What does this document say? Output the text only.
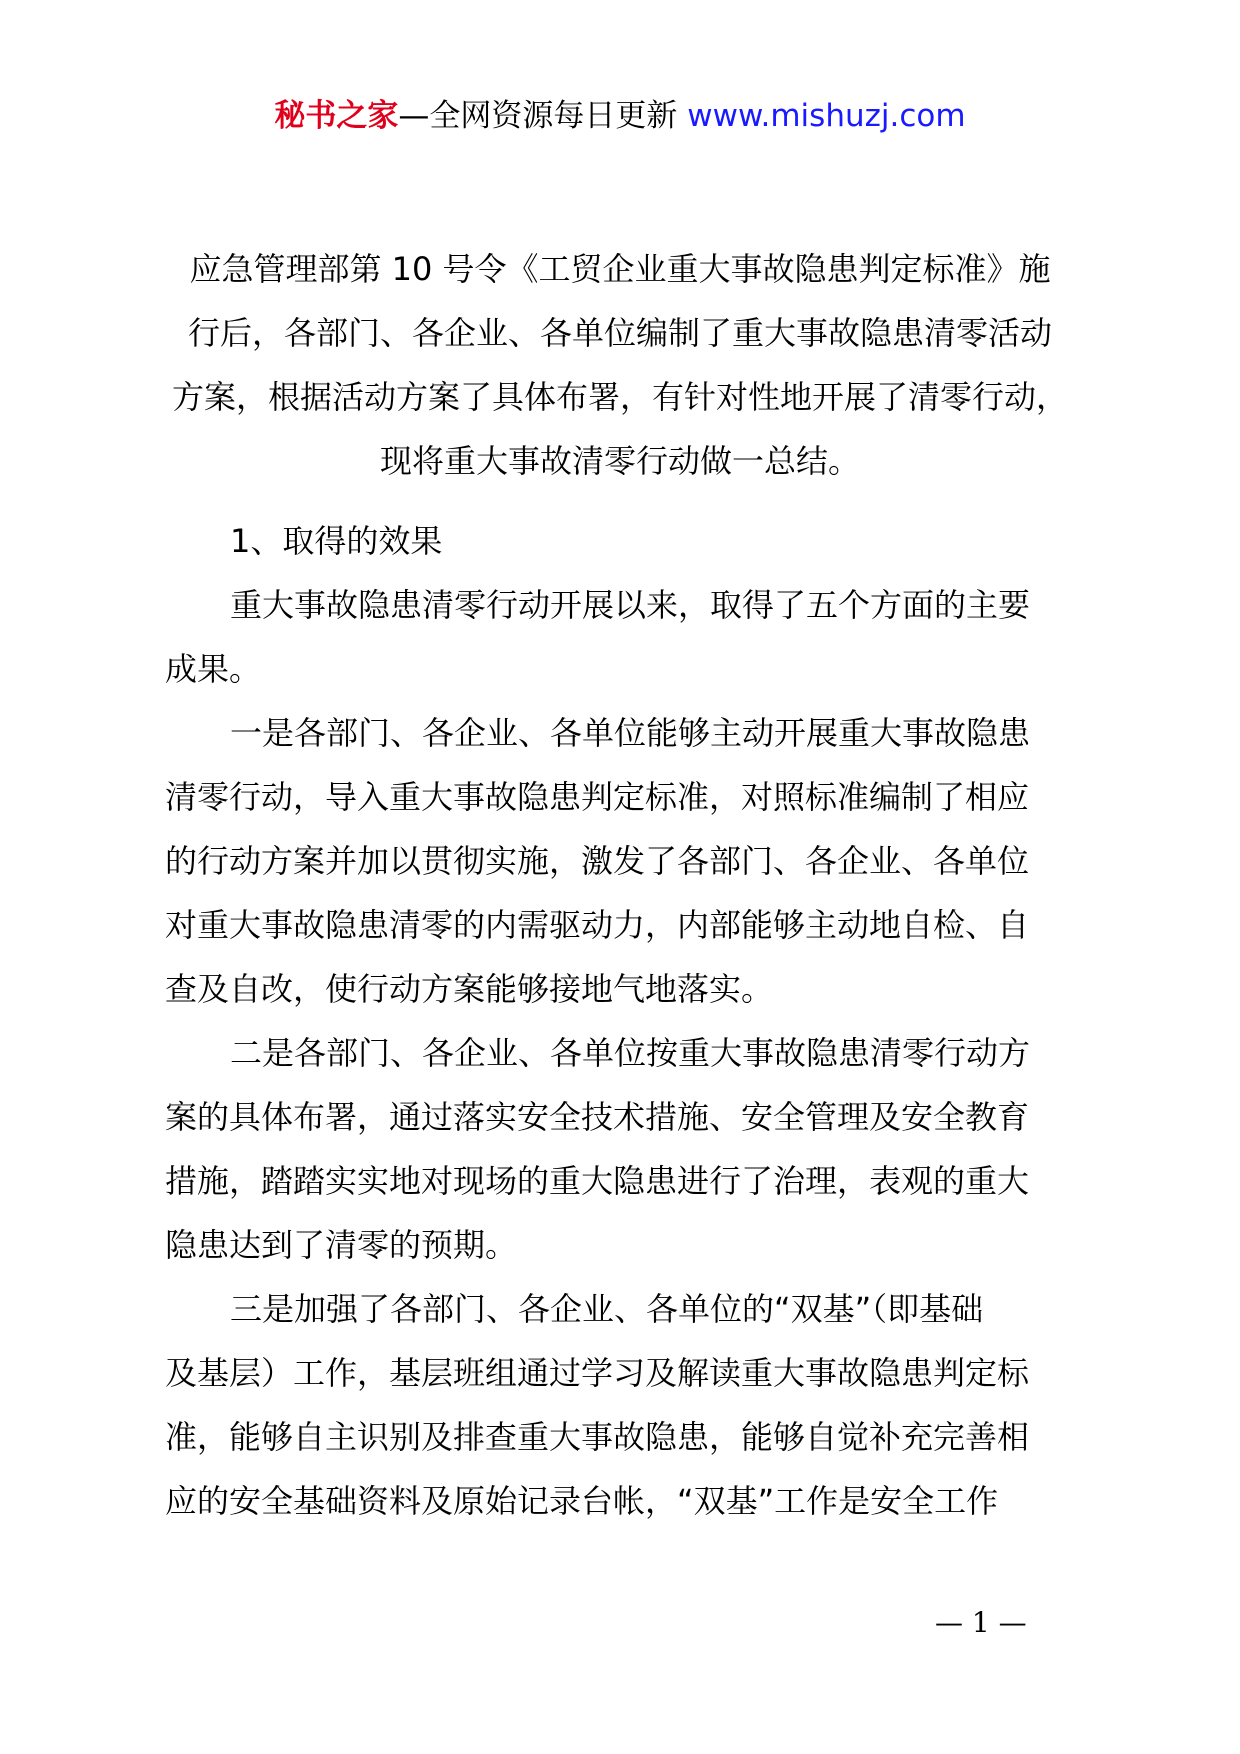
秘书之家—全网资源每日更新 www.mishuzj.com
应急管理部第 10 号令《工贸企业重大事故隐患判定标准》施
行后，各部门、各企业、各单位编制了重大事故隐患清零活动
方案，根据活动方案了具体布署，有针对性地开展了清零行动，
现将重大事故清零行动做一总结。
1、取得的效果
重大事故隐患清零行动开展以来，取得了五个方面的主要
成果。
一是各部门、各企业、各单位能够主动开展重大事故隐患
清零行动，导入重大事故隐患判定标准，对照标准编制了相应
的行动方案并加以贯彻实施，激发了各部门、各企业、各单位
对重大事故隐患清零的内需驱动力，内部能够主动地自检、自
查及自改，使行动方案能够接地气地落实。
二是各部门、各企业、各单位按重大事故隐患清零行动方
案的具体布署，通过落实安全技术措施、安全管理及安全教育
措施，踏踏实实地对现场的重大隐患进行了治理，表观的重大
隐患达到了清零的预期。
三是加强了各部门、各企业、各单位的“双基”（即基础
及基层）工作，基层班组通过学习及解读重大事故隐患判定标
准，能够自主识别及排查重大事故隐患，能够自觉补充完善相
应的安全基础资料及原始记录台帐，“双基”工作是安全工作
— 1 —
